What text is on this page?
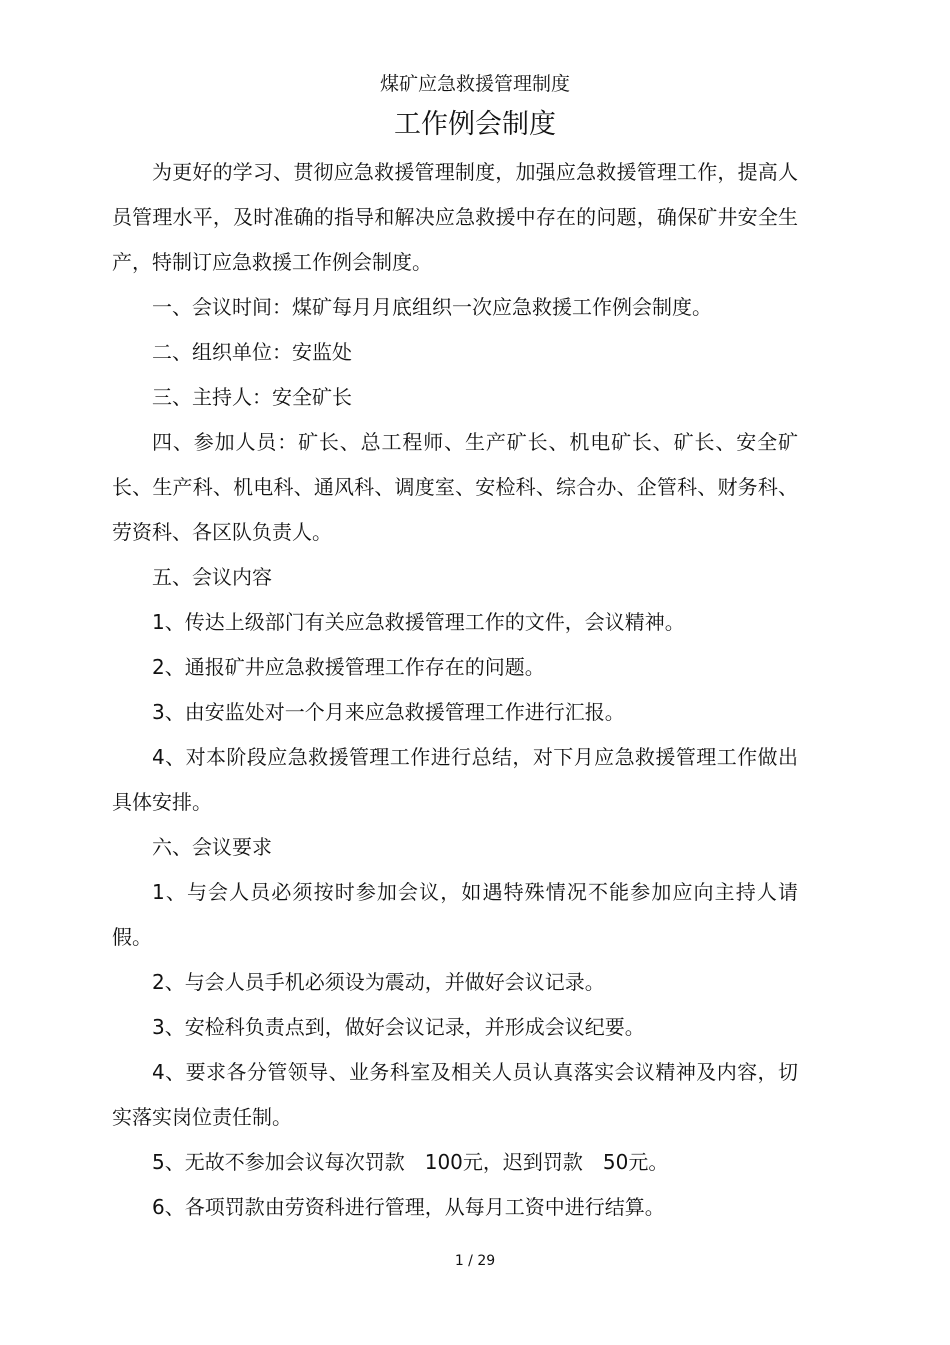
煤矿应急救援管理制度
工作例会制度

为更好的学习、贯彻应急救援管理制度，加强应急救援管理工作，提高人员管理水平，及时准确的指导和解决应急救援中存在的问题，确保矿井安全生产，特制订应急救援工作例会制度。

一、会议时间：煤矿每月月底组织一次应急救援工作例会制度。

二、组织单位：安监处

三、主持人：安全矿长

四、参加人员：矿长、总工程师、生产矿长、机电矿长、矿长、安全矿长、生产科、机电科、通风科、调度室、安检科、综合办、企管科、财务科、劳资科、各区队负责人。

五、会议内容

1、传达上级部门有关应急救援管理工作的文件，会议精神。

2、通报矿井应急救援管理工作存在的问题。

3、由安监处对一个月来应急救援管理工作进行汇报。

4、对本阶段应急救援管理工作进行总结，对下月应急救援管理工作做出具体安排。

六、会议要求

1、与会人员必须按时参加会议，如遇特殊情况不能参加应向主持人请假。

2、与会人员手机必须设为震动，并做好会议记录。

3、安检科负责点到，做好会议记录，并形成会议纪要。

4、要求各分管领导、业务科室及相关人员认真落实会议精神及内容，切实落实岗位责任制。

5、无故不参加会议每次罚款　100元，迟到罚款　50元。

6、各项罚款由劳资科进行管理，从每月工资中进行结算。

1 / 29
